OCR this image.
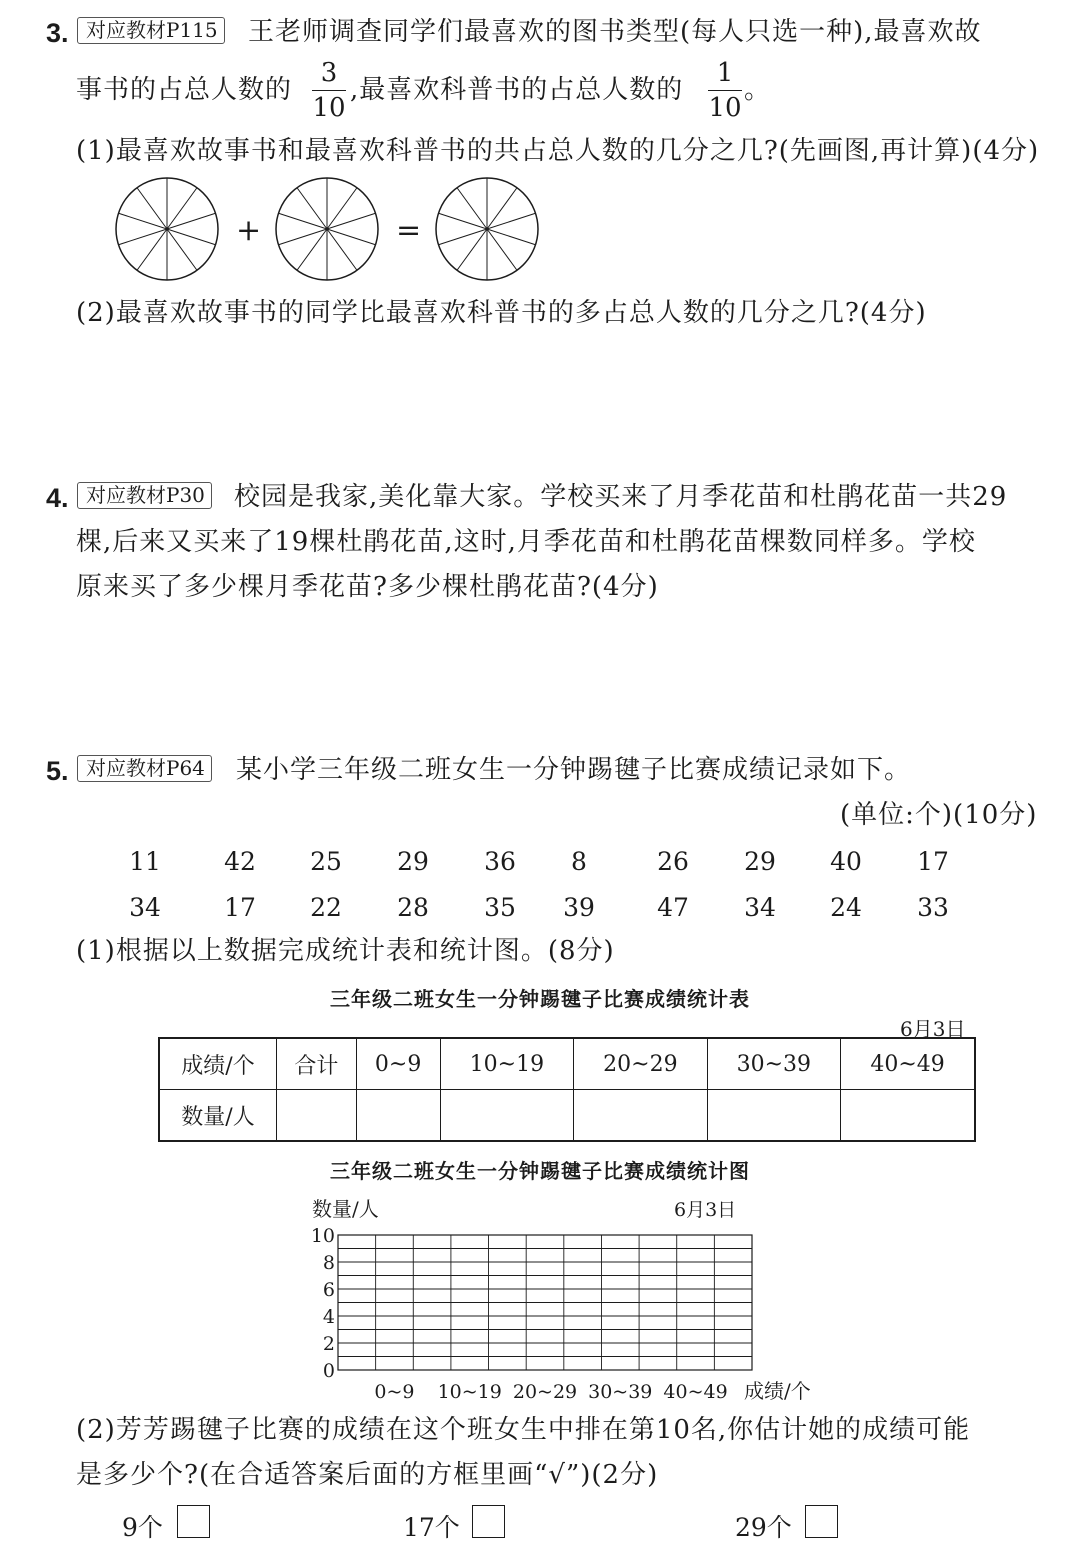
3. 对应教材P115 王老师调查同学们最喜欢的图书类型(每人只选一种),最喜欢故
事书的占总人数的
3
10
,最喜欢科普书的占总人数的
1
10
。
(1)最喜欢故事书和最喜欢科普书的共占总人数的几分之几?(先画图,再计算)(4分)
+	=
(2)最喜欢故事书的同学比最喜欢科普书的多占总人数的几分之几?(4分)
4. 对应教材P30 校园是我家,美化靠大家。学校买来了月季花苗和杜鹃花苗一共29
棵,后来又买来了19棵杜鹃花苗,这时,月季花苗和杜鹃花苗棵数同样多。学校
原来买了多少棵月季花苗?多少棵杜鹃花苗?(4分)
5. 对应教材P64 某小学三年级二班女生一分钟踢毽子比赛成绩记录如下。
(单位:个)(10分)
11	42	25	29	36	8	26	29	40	17
34	17	22	28	35	39	47	34	24	33
(1)根据以上数据完成统计表和统计图。(8分)
三年级二班女生一分钟踢毽子比赛成绩统计表
6月3日
成绩/个	合计	0~9	10~19	20~29	30~39	40~49
数量/人						
三年级二班女生一分钟踢毽子比赛成绩统计图
0
2
4
6
8
10
0~9 10~19 20~29 30~39 40~49
数量/人	6月3日
成绩/个
(2)芳芳踢毽子比赛的成绩在这个班女生中排在第10名,你估计她的成绩可能
是多少个?(在合适答案后面的方框里画“√”)(2分)
9个	17个	29个
